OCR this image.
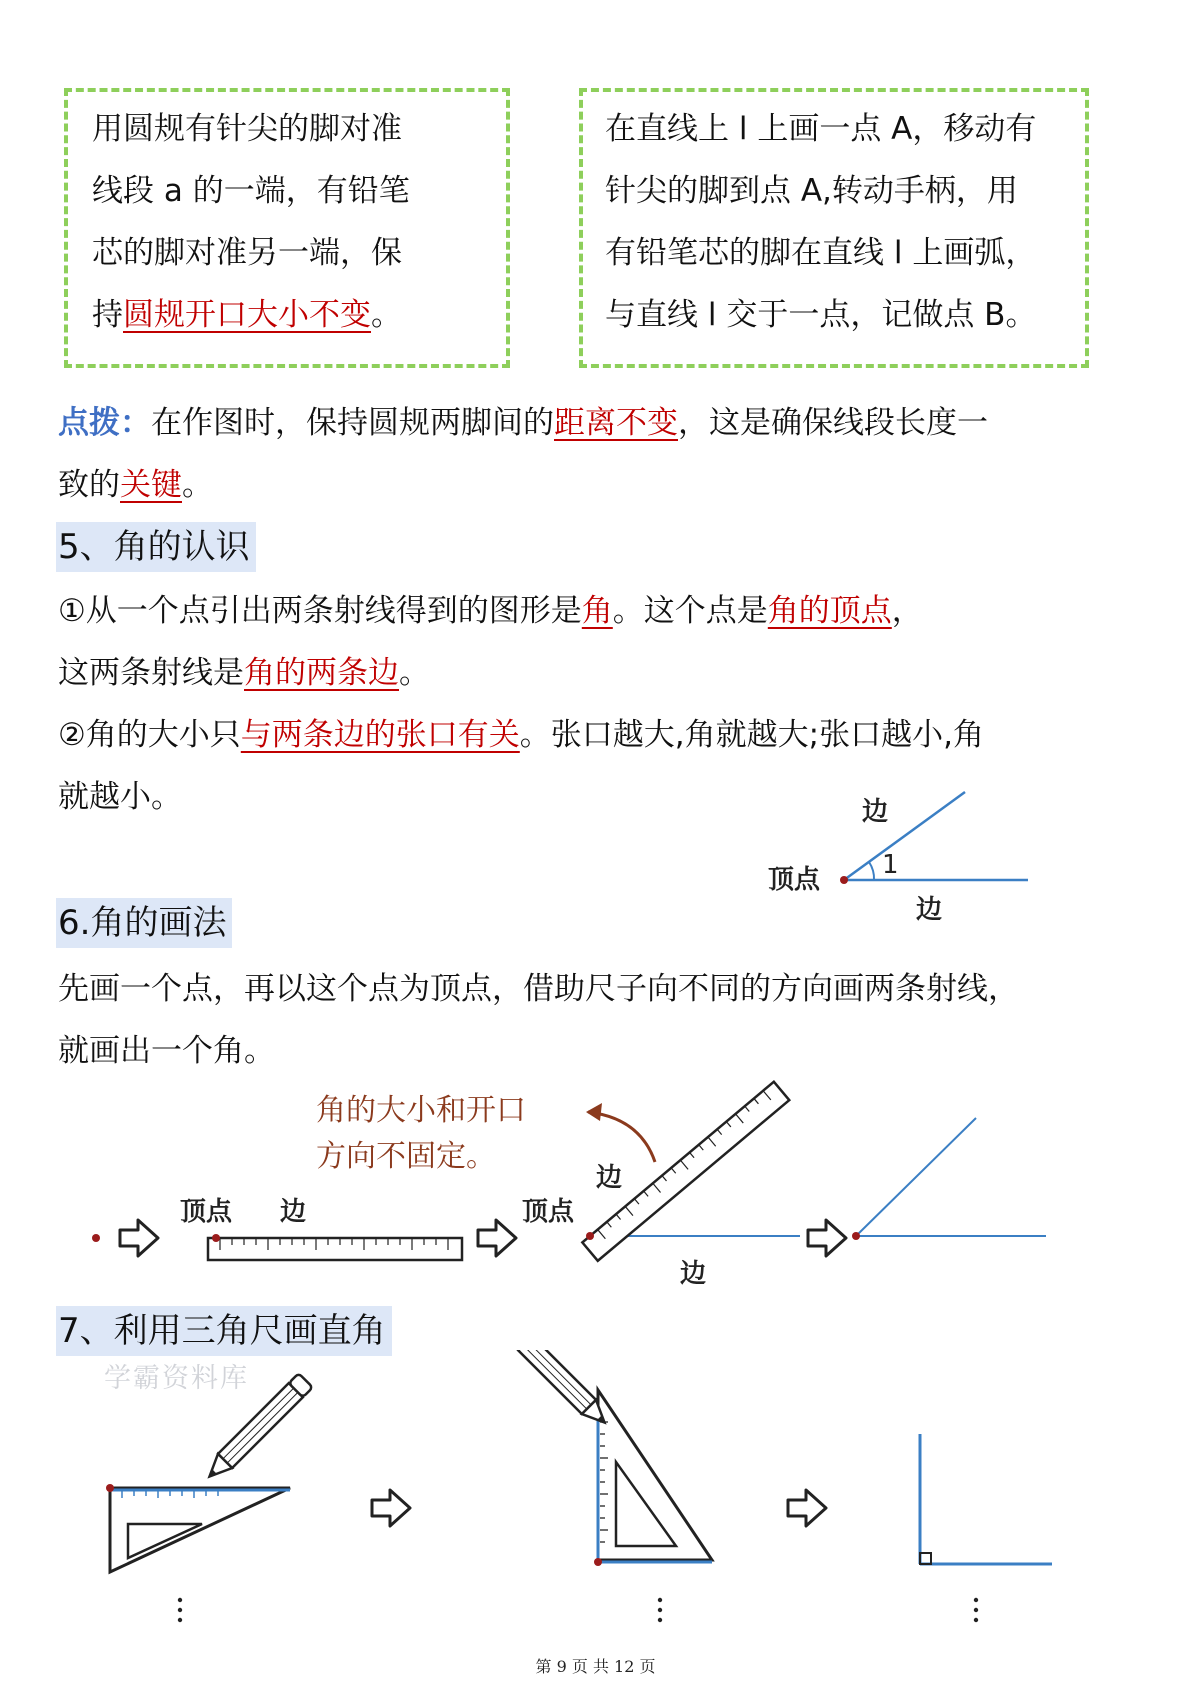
用圆规有针尖的脚对准
线段 a 的一端，有铅笔
芯的脚对准另一端，保
持圆规开口大小不变。
在直线上 l 上画一点 A，移动有
针尖的脚到点 A,转动手柄，用
有铅笔芯的脚在直线 l 上画弧，
与直线 l 交于一点，记做点 B。
点拨：在作图时，保持圆规两脚间的距离不变，这是确保线段长度一
致的关键。
5、角的认识
①从一个点引出两条射线得到的图形是角。这个点是角的顶点，
这两条射线是角的两条边。
②角的大小只与两条边的张口有关。张口越大,角就越大;张口越小,角
就越小。	边
顶点 1
边
6.角的画法
先画一个点，再以这个点为顶点，借助尺子向不同的方向画两条射线，
就画出一个角。
角的大小和开口
方向不固定。
顶点 边	顶点
边
边
7、利用三角尺画直角
学霸资料库
第 9 页 共 12 页
